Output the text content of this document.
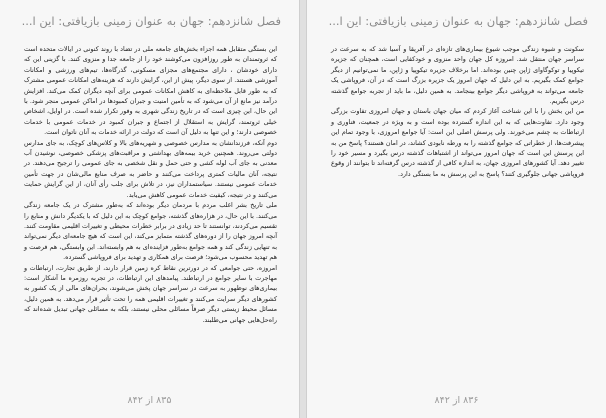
فصل شانزدهم: جهان به عنوان زمینی بازیافتی: این ا...

این بستگی متقابل همه اجزاء بخش‌های جامعه ملی در تضاد با روند کنونی در ایالات متحده است که ثروتمندان به طور روزافزون می‌کوشند خود را از جامعه جدا و منزوی کنند. با گزینی این که دارای خودشان ، دارای مجتمع‌های مجزای مسکونی، گذرگاه‌ها، تیم‌های ورزشی و امکانات آموزشی هستند. از سوی دیگر، پیش از این، گرایش دارند که هزینه‌های امکانات عمومی مشترک که به طور قابل ملاحظه‌ای به کاهش امکانات عمومی برای آنچه دیگران کمک می‌کند. افزایش درآمد نیز مانع از آن می‌شود که به تأمین امنیت و جبران کمبودها در اماکن عمومی منجر شود. با این حال، این چیزی است که در تاریخ زندگی شهری به وفور تکرار شده است. در اوایل، اشخاص خیلی ثروتمند، گرایش به استقلال از اجتماع و جبران کمبود در خدمات عمومی با خدمات خصوصی دارند؛ و این تنها به دلیل آن است که دولت در ارائه خدمات به آنان ناتوان است.

دوم آنکه، فرزندانشان به مدارس خصوصی و شهریه‌های بالا و کلاس‌های کوچک، به جای مدارس دولتی می‌روند. همچنین خرید بیمه‌های بهداشتی و مراقبت‌های پزشکی خصوصی، نوشیدن آب معدنی به جای آب لوله کشی و حتی حمل و نقل شخصی به جای عمومی را ترجیح می‌دهند. در نتیجه، آنان مالیات کمتری پرداخت می‌کنند و حاضر به صرف منابع مالی‌شان در جهت تأمین خدمات عمومی نیستند. سیاستمداران نیز، در تلاش برای جلب رأی آنان، از این گرایش حمایت می‌کنند و در نتیجه، کیفیت خدمات عمومی کاهش می‌یابد.

ملی تاریخ بشر اغلب مردم با مردمان دیگر بوده‌اند که به‌طور مشترک در یک جامعه زندگی می‌کنند. با این حال، در هزاره‌های گذشته، جوامع کوچک به این دلیل که با یکدیگر دانش و منابع را تقسیم می‌کردند، توانستند تا حد زیادی در برابر خطرات محیطی و تغییرات اقلیمی مقاومت کنند. آنچه امروز جهان را از دوره‌های گذشته متمایز می‌کند، این است که هیچ جامعه‌ای دیگر نمی‌تواند به تنهایی زندگی کند و همه جوامع به‌طور فزاینده‌ای به هم وابسته‌اند. این وابستگی، هم فرصت و هم تهدید محسوب می‌شود؛ فرصت برای همکاری و تهدید برای فروپاشی گسترده.

امروزه، حتی جوامعی که در دورترین نقاط کره زمین قرار دارند، از طریق تجارت، ارتباطات و مهاجرت با سایر جوامع در ارتباطند. پیامدهای این ارتباطات، در تجربه روزمره ما آشکار است: بیماری‌های نوظهور به سرعت در سراسر جهان پخش می‌شوند، بحران‌های مالی از یک کشور به کشورهای دیگر سرایت می‌کنند و تغییرات اقلیمی همه را تحت تأثیر قرار می‌دهد. به همین دلیل، مسائل محیط زیستی دیگر صرفاً مسائلی محلی نیستند، بلکه به مسائلی جهانی تبدیل شده‌اند که راه‌حل‌هایی جهانی می‌طلبند.

۸۳۵ از ۸۴۲
فصل شانزدهم: جهان به عنوان زمینی بازیافتی: این ا...

سکونت و شیوه زندگی موجب شیوع بیماری‌های تازه‌ای در آفریقا و آسیا شد که به سرعت در سراسر جهان منتقل شد. امروزه کل جهان واحد منزوی و خودکفایی است، همچنان که جزیره تیکوپیا و توکوگاوای ژاپن چنین بوده‌اند. اما برخلاف جزیره تیکوپیا و ژاپن، ما نمی‌توانیم از دیگر جوامع کمک بگیریم. به این دلیل که جهان امروز یک جزیره بزرگ است که در آن، فروپاشی یک جامعه می‌تواند به فروپاشی دیگر جوامع بینجامد. به همین دلیل، ما باید از تجربه جوامع گذشته درس بگیریم.

من این بخش را با این شناخت آغاز کردم که میان جهان باستان و جهان امروزی تفاوت بزرگی وجود دارد. تفاوت‌هایی که به این اندازه گسترده بوده است و به ویژه در جمعیت، فناوری و ارتباطات به چشم می‌خورند. ولی پرسش اصلی این است: آیا جوامع امروزی، با وجود تمام این پیشرفت‌ها، از خطراتی که جوامع گذشته را به ورطه نابودی کشاند، در امان هستند؟ پاسخ من به این پرسش این است که جهان امروز می‌تواند از اشتباهات گذشته درس بگیرد و مسیر خود را تغییر دهد. آیا کشورهای امروزی جهان، به اندازه کافی از گذشته درس گرفته‌اند تا بتوانند از وقوع فروپاشی جهانی جلوگیری کنند؟ پاسخ به این پرسش به ما بستگی دارد.

۸۳۶ از ۸۴۲
